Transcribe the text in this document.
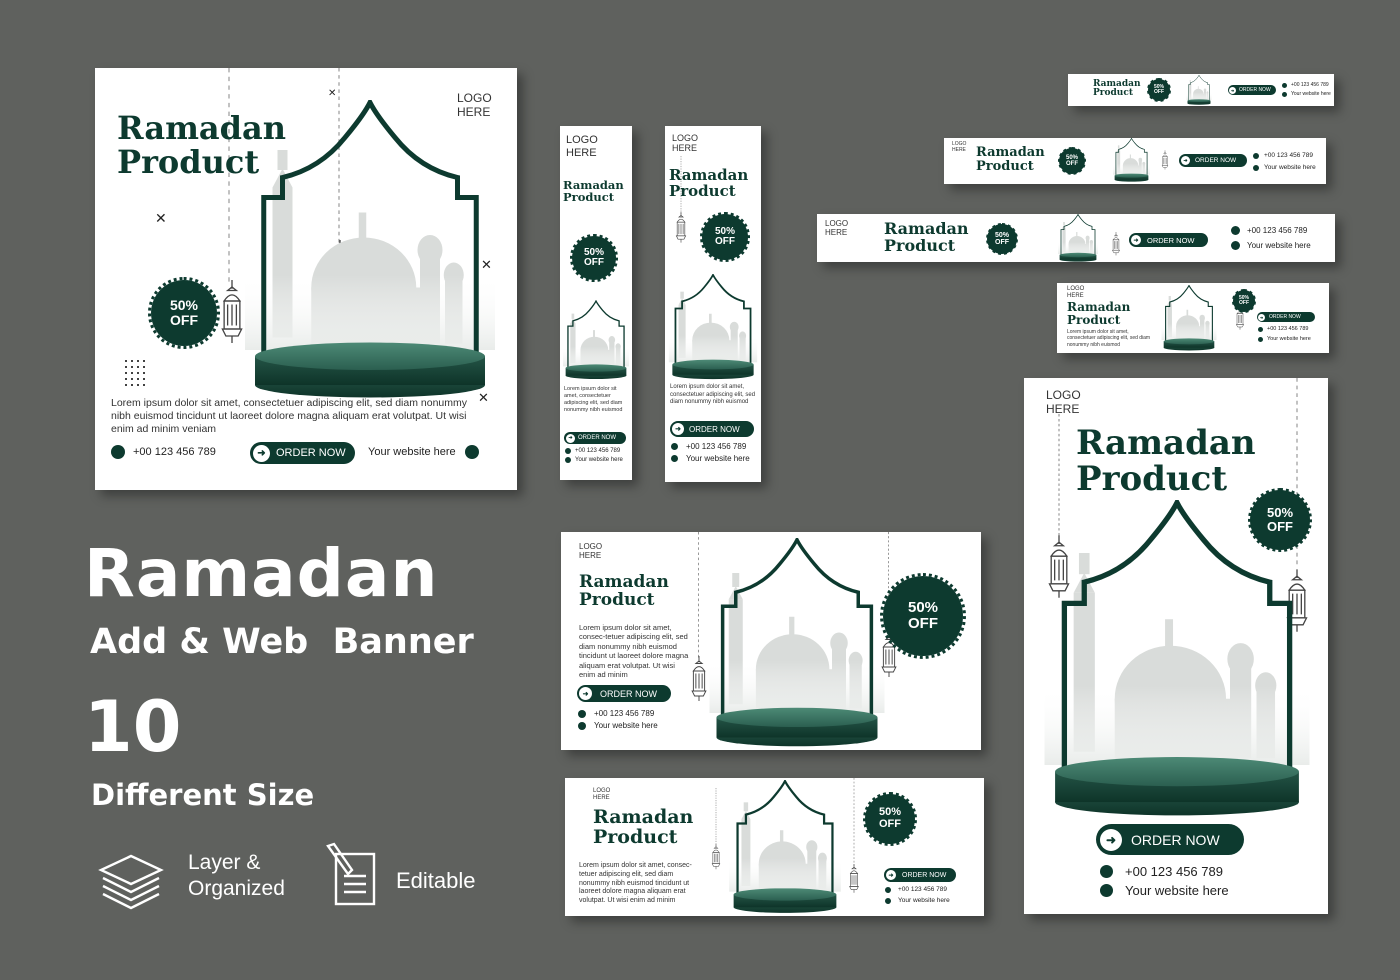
Ramadan
Product
LOGO
HERE
✕
✕
✕
✕
50%
OFF
Lorem ipsum dolor sit amet, consectetuer adipiscing elit, sed diam nonummy nibh euismod tincidunt ut laoreet dolore magna aliquam erat volutpat. Ut wisi enim ad minim veniam
+00 123 456 789	➜ ORDER NOW Your website here
LOGO
HERE
Ramadan
Product
50%
OFF
Lorem ipsum dolor sit amet, consectetuer adipiscing elit, sed diam nonummy nibh euismod
➜ ORDER NOW
+00 123 456 789
Your website here
LOGO
HERE
Ramadan
Product
50%
OFF
Lorem ipsum dolor sit amet, consectetuer adipiscing elit, sed diam nonummy nibh euismod
➜	ORDER NOW
+00 123 456 789
Your website here
Ramadan
Product
50%
OFF	➜ ORDER NOW
+00 123 456 789
Your website here
LOGO
HERE Ramadan
Product
50%
OFF
➜	ORDER NOW
+00 123 456 789
Your website here
LOGO
HERE Ramadan
Product
50%
OFF	➜	ORDER NOW
+00 123 456 789
Your website here
LOGO
HERE
Ramadan
Product
Lorem ipsum dolor sit amet, consectetuer adipiscing elit, sed diam nonummy nibh euismod
50%
OFF
➜	ORDER NOW
+00 123 456 789
Your website here
LOGO
HERE
Ramadan
Product
Lorem ipsum dolor sit amet, consec-tetuer adipiscing elit, sed diam nonummy nibh euismod tincidunt ut laoreet dolore magna aliquam erat volutpat. Ut wisi enim ad minim
➜	ORDER NOW
+00 123 456 789
Your website here
50%
OFF
LOGO
HERE
Ramadan
Product
Lorem ipsum dolor sit amet, consec-tetuer adipiscing elit, sed diam nonummy nibh euismod tincidunt ut laoreet dolore magna aliquam erat volutpat. Ut wisi enim ad minim
50%
OFF
➜	ORDER NOW
+00 123 456 789
Your website here
LOGO
HERE
Ramadan
Product
50%
OFF
➜	ORDER NOW
+00 123 456 789
Your website here
Ramadan
Add & Web  Banner
10
Different Size
Layer &
Organized	Editable
